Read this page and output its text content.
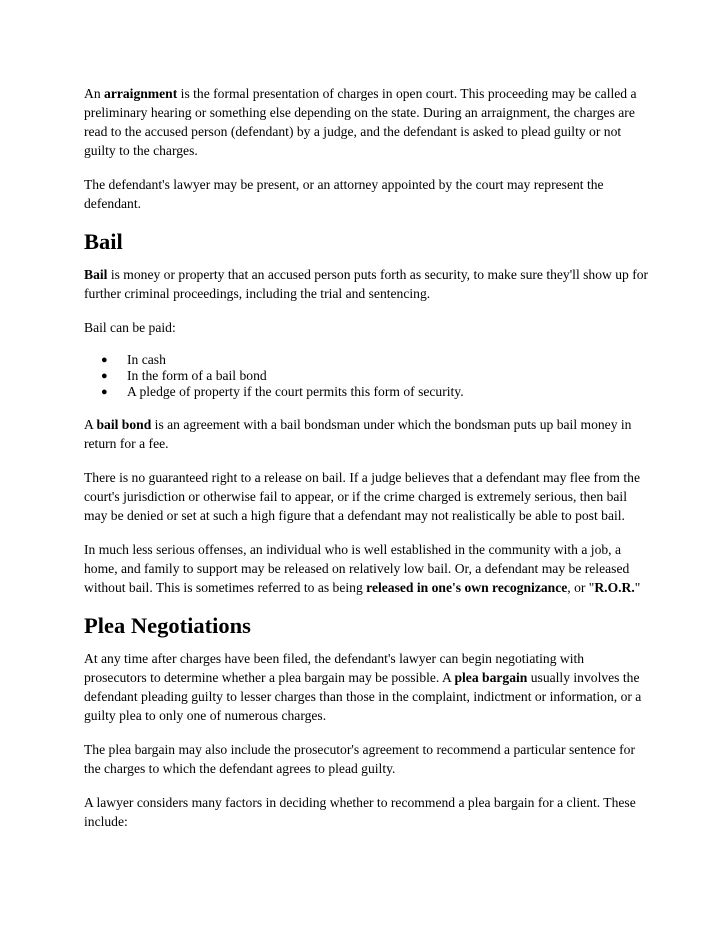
An arraignment is the formal presentation of charges in open court. This proceeding may be called a preliminary hearing or something else depending on the state. During an arraignment, the charges are read to the accused person (defendant) by a judge, and the defendant is asked to plead guilty or not guilty to the charges.

The defendant's lawyer may be present, or an attorney appointed by the court may represent the defendant.

Bail

Bail is money or property that an accused person puts forth as security, to make sure they'll show up for further criminal proceedings, including the trial and sentencing.

Bail can be paid:

● In cash
● In the form of a bail bond
● A pledge of property if the court permits this form of security.

A bail bond is an agreement with a bail bondsman under which the bondsman puts up bail money in return for a fee.

There is no guaranteed right to a release on bail. If a judge believes that a defendant may flee from the court's jurisdiction or otherwise fail to appear, or if the crime charged is extremely serious, then bail may be denied or set at such a high figure that a defendant may not realistically be able to post bail.

In much less serious offenses, an individual who is well established in the community with a job, a home, and family to support may be released on relatively low bail. Or, a defendant may be released without bail. This is sometimes referred to as being released in one's own recognizance, or "R.O.R."

Plea Negotiations

At any time after charges have been filed, the defendant's lawyer can begin negotiating with prosecutors to determine whether a plea bargain may be possible. A plea bargain usually involves the defendant pleading guilty to lesser charges than those in the complaint, indictment or information, or a guilty plea to only one of numerous charges.

The plea bargain may also include the prosecutor's agreement to recommend a particular sentence for the charges to which the defendant agrees to plead guilty.

A lawyer considers many factors in deciding whether to recommend a plea bargain for a client. These include:
